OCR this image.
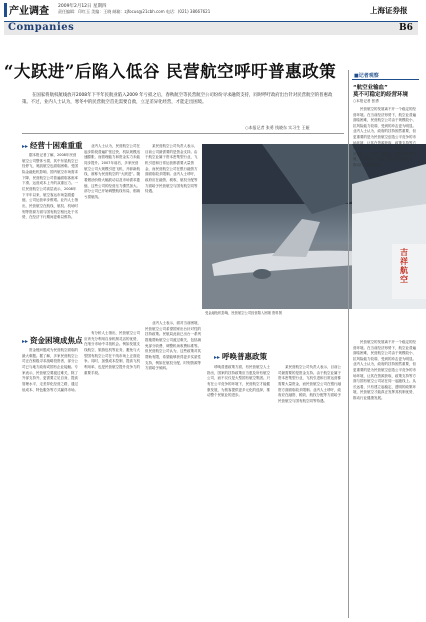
产业调查 2009年2月12日 星期四
责任编辑：印红玉 美编：王晓 邮箱：zjfocus@21cbh.com 电话：(021) 38667621	上海证券报
Companies	B6
“大跃进”后陷入低谷 民营航空呼吁普惠政策
在国家将航权航线放开2008年下半年民航业陷入2009 年亏损之后，春秋航空等民营航空公司纷纷寻求融资支持，同时呼吁政府出台针对民营航空的普惠政策。不过，业内人士认为，寒冬中的民营航空首先需要自救，立足差异化经营，才能走出困境。
○本报记者 张勇 钱晓东 实习生 王娅
▸▸ 经营十困难重重
据本报记者了解，2008年民营航空公司整体亏损，其中东星航空已经停飞，奥凯航空也面临困难。受国际金融危机影响，国内航空市场需求下降，民营航空公司普遍面临客座率下滑、运营成本上升的双重压力。一位民营航空公司高层表示，2008年下半年以来，航空客运市场急剧萎缩，公司运营举步维艰。业内人士指出，民营航空在航线、航权、机场时刻等资源方面与国有航空相比处于劣势，在经济下行期间更难以维持。
业内人士认为，民营航空公司在起步阶段普遍扩张过快，机队规模迅速膨胀，而管理能力和资金实力未能同步提升。2007年前后，多家民营航空公司大规模引进飞机、开辟新航线，被称为民营航空的“大跃进”。随着燃油价格大幅波动以及市场需求萎缩，这些公司的经营压力骤然加大。部分公司已开始调整航线布局，削减亏损航线。
某民营航空公司负责人表示，目前公司最需要的是资金支持。由于航空业属于资本密集型行业，飞机引进和日常运营都需要大量资金，而民营航空公司在银行融资方面面临较多限制。业内人士呼吁，政府应在融资、税收、航权分配等方面给予民营航空与国有航空同等待遇。
吉祥航空
受金融危机影响，民营航空公司经营陷入困境 资料图
▸▸ 资金困境成焦点
资金链问题成为民营航空面临的最大难题。据了解，多家民营航空公司正在积极寻求战略投资者，部分公司已与地方政府或国有企业接触。专家表示，民营航空要渡过难关，除了外部支持外，更需要立足自身，提高管理水平，走差异化经营之路，通过低成本、特色服务等方式赢得市场。
有分析人士指出，民营航空公司应该充分利用自身机制灵活的优势，在细分市场中寻找机会。例如发展支线航空、旅游包机等业务，避免与大型国有航空公司在干线市场上正面竞争。同时，加强成本控制，提高飞机利用率，也是民营航空提升竞争力的重要手段。
业内人士表示，面对当前困境，民营航空公司希望国家出台针对性的扶持政策。民航局此前已出台一系列措施帮助航空公司渡过难关，包括减免部分收费、调整机场收费标准等。但民营航空公司认为，这些政策对其帮助有限，希望能够获得更多实质性支持，例如在航权分配、时刻资源等方面给予倾斜。
▸▸ 呼唤普惠政策
呼唤普惠政策方面，有民营航空人士指出，国家的扶持政策应当惠及所有航空公司，而不仅仅是大型国有航空集团。只有在公平竞争的环境下，民营航空才能健康发展，为旅客提供更多元化的选择，推动整个民航业的进步。
某民营航空公司负责人表示，目前公司最需要的是资金支持。由于航空业属于资本密集型行业，飞机引进和日常运营都需要大量资金，而民营航空公司在银行融资方面面临较多限制。业内人士呼吁，政府应在融资、税收、航权分配等方面给予民营航空与国有航空同等待遇。
■记者观察
“航空业输血”
莫不可稳定的经营环境
○本报记者 张勇
民营航空的发展离不开一个稳定的经营环境。在当前经济形势下，航空业普遍面临困难，民营航空公司由于规模较小、抗风险能力较弱，受到的冲击更为明显。业内人士认为，政府的扶持固然重要，但更重要的是为民营航空创造公平竞争的市场环境，让其在资源获取、政策支持等方面与国有航空公司站在同一起跑线上。从长远看，只有建立起稳定、透明的政策环境，民营航空才能真正发挥其机制优势，推动行业健康发展。
民营航空的发展离不开一个稳定的经营环境。在当前经济形势下，航空业普遍面临困难，民营航空公司由于规模较小、抗风险能力较弱，受到的冲击更为明显。业内人士认为，政府的扶持固然重要，但更重要的是为民营航空创造公平竞争的市场环境，让其在资源获取、政策支持等方面与国有航空公司站在同一起跑线上。从长远看，只有建立起稳定、透明的政策环境，民营航空才能真正发挥其机制优势，推动行业健康发展。
